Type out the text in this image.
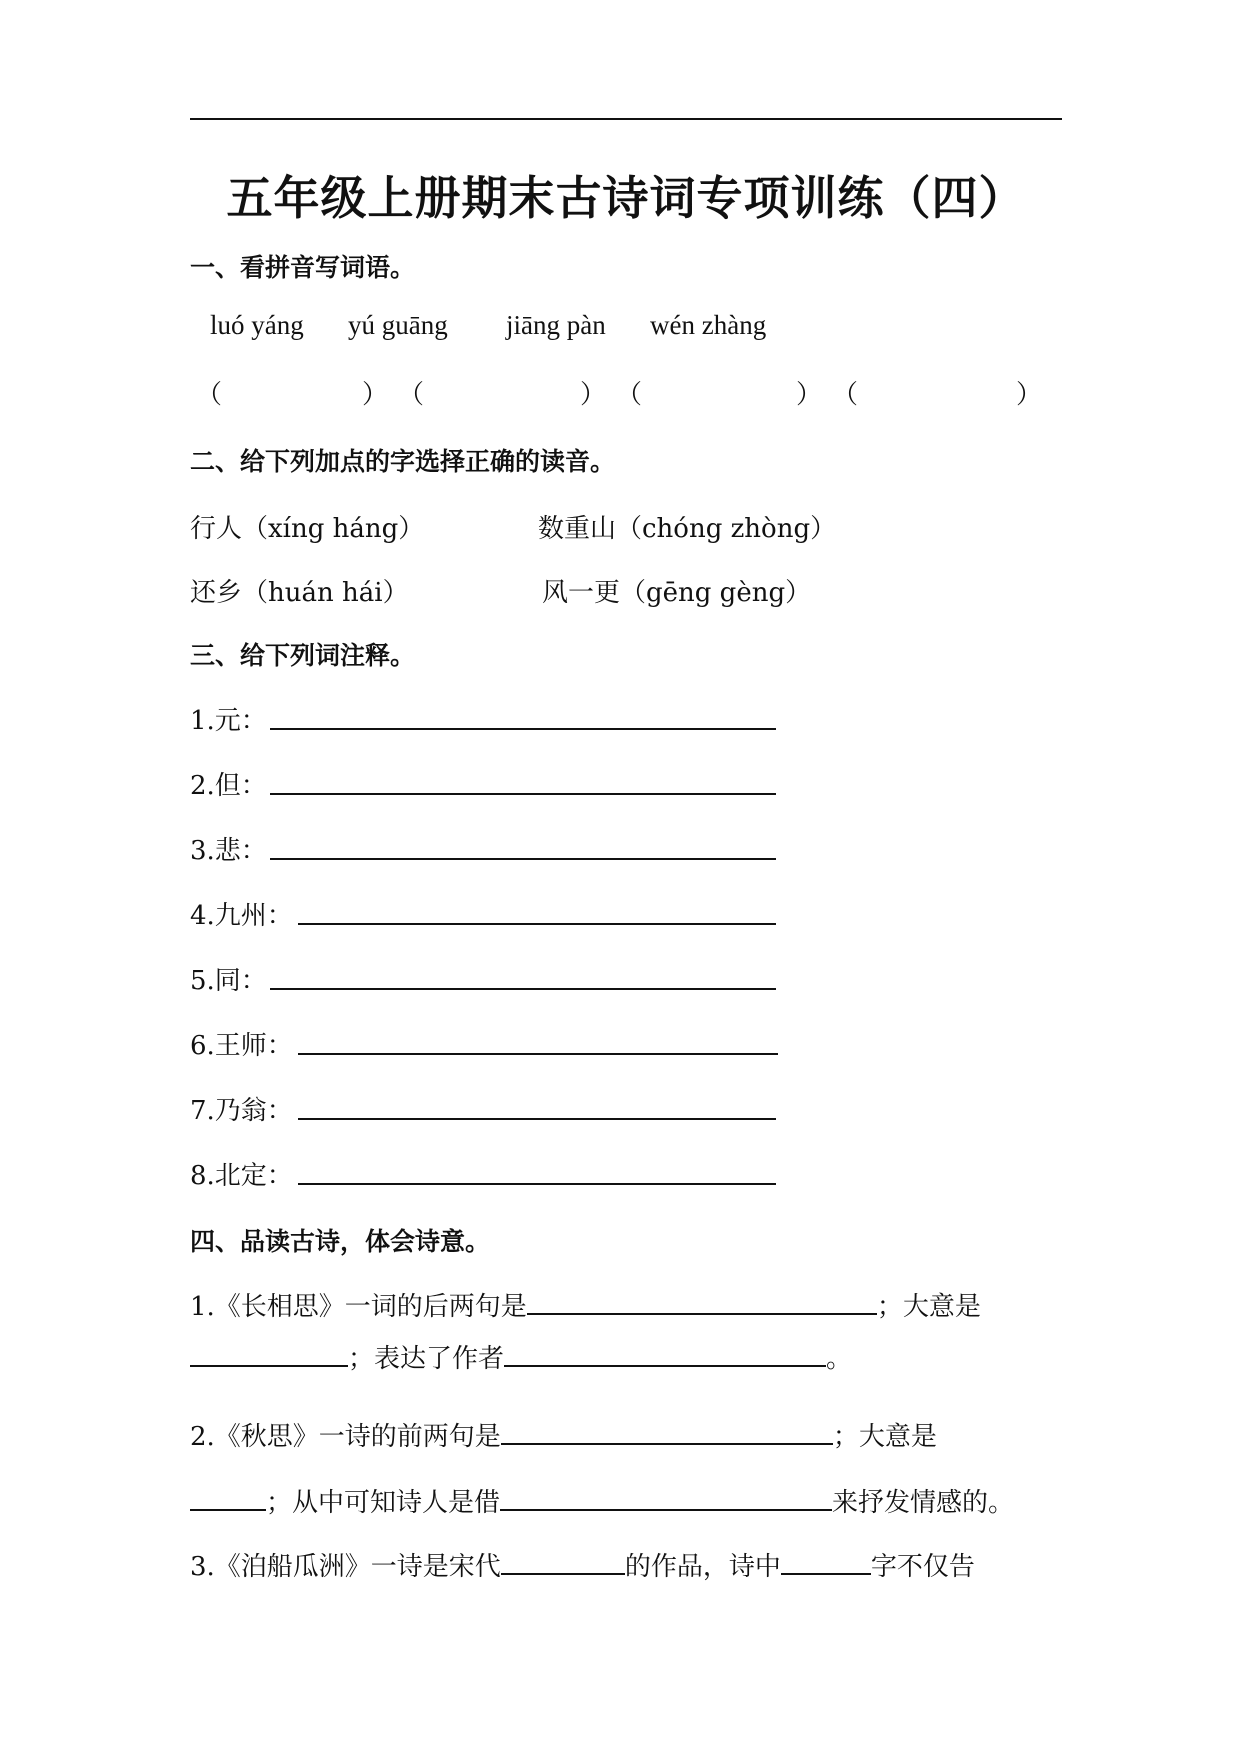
五年级上册期末古诗词专项训练（四）
一、看拼音写词语。
luó yáng yú guāng jiāng pàn wén zhàng
（	） （	） （	） （	）
二、给下列加点的字选择正确的读音。
行人（xíng háng）	数重山（chóng zhòng）
还乡（huán hái）	风一更（gēng gèng）
三、给下列词注释。
1.元：
2.但：
3.悲：
4.九州：
5.同：
6.王师：
7.乃翁：
8.北定：
四、品读古诗，体会诗意。
1.《长相思》一词的后两句是	；大意是
；表达了作者	。
2.《秋思》一诗的前两句是	；大意是
；从中可知诗人是借	来抒发情感的。
3.《泊船瓜洲》一诗是宋代	的作品，诗中	字不仅告
